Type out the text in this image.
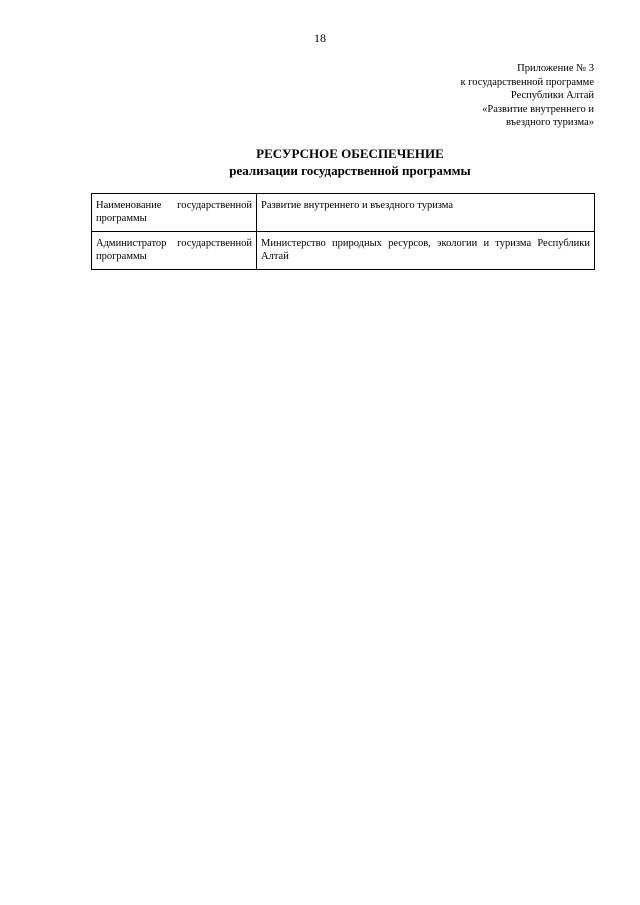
18
Приложение № 3
к государственной программе
Республики Алтай
«Развитие внутреннего и
въездного туризма»
РЕСУРСНОЕ ОБЕСПЕЧЕНИЕ
реализации государственной программы
Наименование государственной программы	Развитие внутреннего и въездного туризма
Администратор государственной программы	Министерство природных ресурсов, экологии и туризма Республики Алтай
